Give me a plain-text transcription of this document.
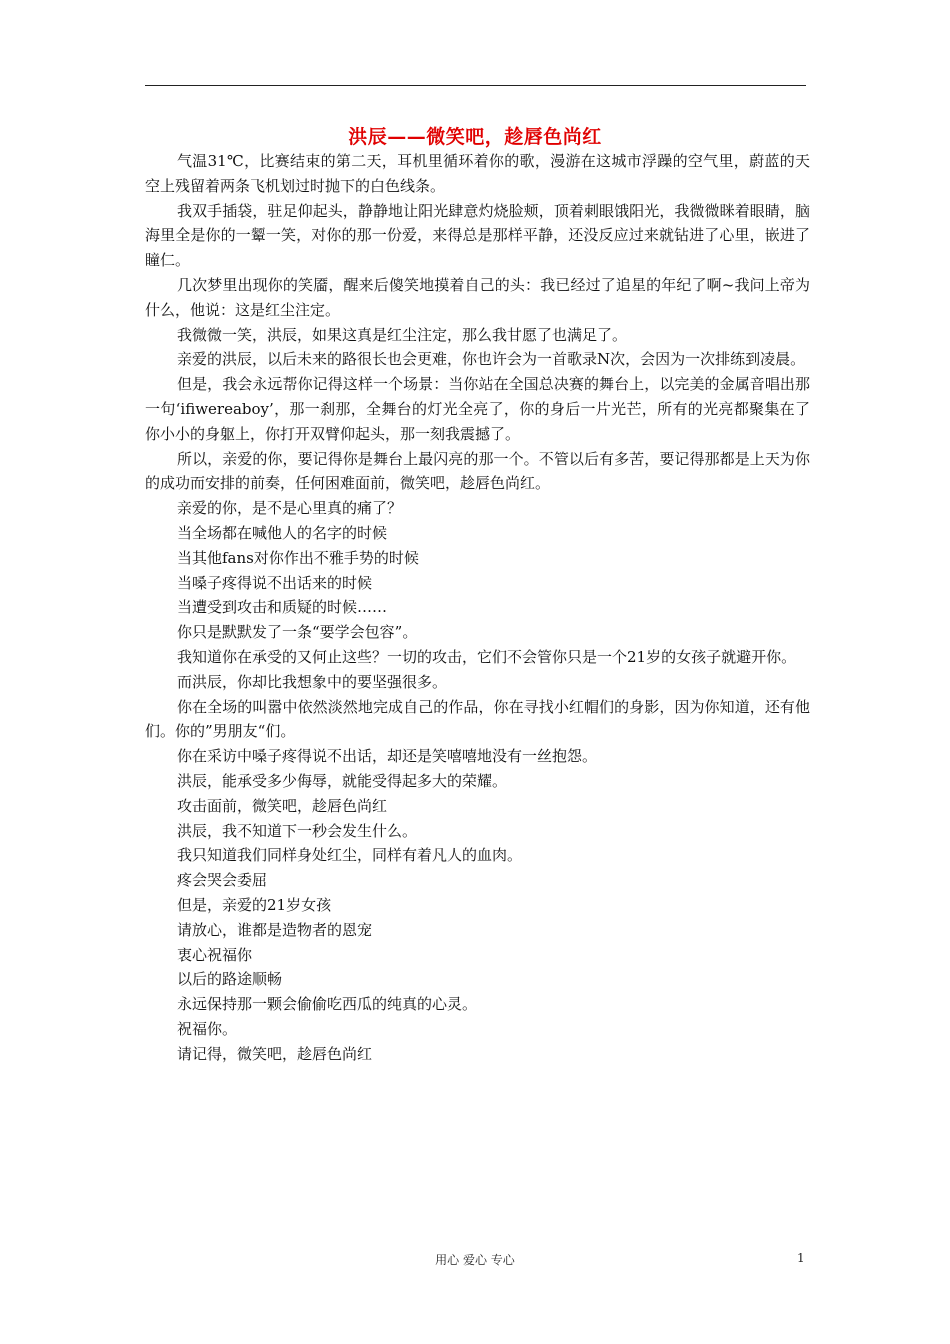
洪辰——微笑吧，趁唇色尚红

气温31℃，比赛结束的第二天，耳机里循环着你的歌，漫游在这城市浮躁的空气里，蔚蓝的天空上残留着两条飞机划过时抛下的白色线条。

我双手插袋，驻足仰起头，静静地让阳光肆意灼烧脸颊，顶着刺眼饿阳光，我微微眯着眼睛，脑海里全是你的一颦一笑，对你的那一份爱，来得总是那样平静，还没反应过来就钻进了心里，嵌进了瞳仁。

几次梦里出现你的笑靥，醒来后傻笑地摸着自己的头：我已经过了追星的年纪了啊~我问上帝为什么，他说：这是红尘注定。

我微微一笑，洪辰，如果这真是红尘注定，那么我甘愿了也满足了。

亲爱的洪辰，以后未来的路很长也会更难，你也许会为一首歌录N次，会因为一次排练到凌晨。

但是，我会永远帮你记得这样一个场景：当你站在全国总决赛的舞台上，以完美的金属音唱出那一句‘ifiwereaboy’，那一刹那，全舞台的灯光全亮了，你的身后一片光芒，所有的光亮都聚集在了你小小的身躯上，你打开双臂仰起头，那一刻我震撼了。

所以，亲爱的你，要记得你是舞台上最闪亮的那一个。不管以后有多苦，要记得那都是上天为你的成功而安排的前奏，任何困难面前，微笑吧，趁唇色尚红。

亲爱的你，是不是心里真的痛了？

当全场都在喊他人的名字的时候

当其他fans对你作出不雅手势的时候

当嗓子疼得说不出话来的时候

当遭受到攻击和质疑的时候……

你只是默默发了一条“要学会包容”。

我知道你在承受的又何止这些？一切的攻击，它们不会管你只是一个21岁的女孩子就避开你。

而洪辰，你却比我想象中的要坚强很多。

你在全场的叫嚣中依然淡然地完成自己的作品，你在寻找小红帽们的身影，因为你知道，还有他们。你的”男朋友“们。

你在采访中嗓子疼得说不出话，却还是笑嘻嘻地没有一丝抱怨。

洪辰，能承受多少侮辱，就能受得起多大的荣耀。

攻击面前，微笑吧，趁唇色尚红

洪辰，我不知道下一秒会发生什么。

我只知道我们同样身处红尘，同样有着凡人的血肉。

疼会哭会委屈

但是，亲爱的21岁女孩

请放心，谁都是造物者的恩宠

衷心祝福你

以后的路途顺畅

永远保持那一颗会偷偷吃西瓜的纯真的心灵。

祝福你。

请记得，微笑吧，趁唇色尚红

用心 爱心 专心	1
